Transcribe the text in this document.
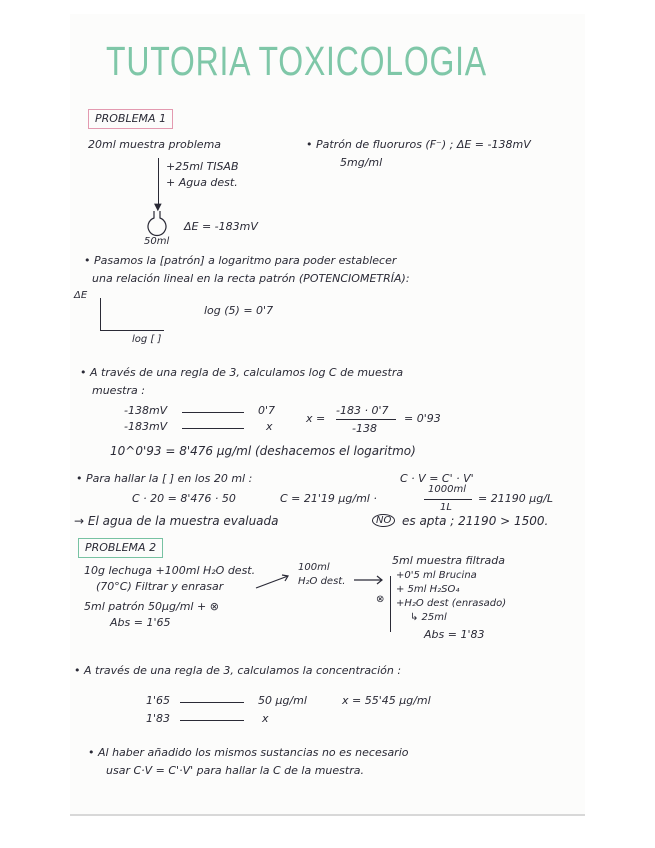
TUTORIA TOXICOLOGIA
PROBLEMA 1
20ml muestra problema
▼
+25ml TISAB
+ Agua dest.
ΔE = -183mV
50ml
• Patrón de fluoruros (F⁻) ; ΔE = -138mV
5mg/ml
• Pasamos la [patrón] a logaritmo para poder establecer
una relación lineal en la recta patrón (POTENCIOMETRÍA):
ΔE
log [ ]
log (5) = 0'7
• A través de una regla de 3, calculamos log C de muestra
muestra :
-138mV	0'7
-183mV	x
x =
-183 · 0'7
-138
= 0'93
10^0'93 = 8'476 μg/ml (deshacemos el logaritmo)
• Para hallar la [ ] en los 20 ml :	C · V = C' · V'
C · 20 = 8'476 · 50	C = 21'19 μg/ml ·
1000ml
1L
= 21190 μg/L
→ El agua de la muestra evaluada	NO es apta ; 21190 > 1500.
PROBLEMA 2
10g lechuga +100ml H₂O dest.
(70°C) Filtrar y enrasar
100ml
H₂O dest.
⊗
5ml muestra filtrada
+0'5 ml Brucina
+ 5ml H₂SO₄
+H₂O dest (enrasado)
↳ 25ml
Abs = 1'83
5ml patrón 50μg/ml + ⊗
Abs = 1'65
• A través de una regla de 3, calculamos la concentración :
1'65	50 μg/ml
1'83	x
x = 55'45 μg/ml
• Al haber añadido los mismos sustancias no es necesario
usar C·V = C'·V' para hallar la C de la muestra.
